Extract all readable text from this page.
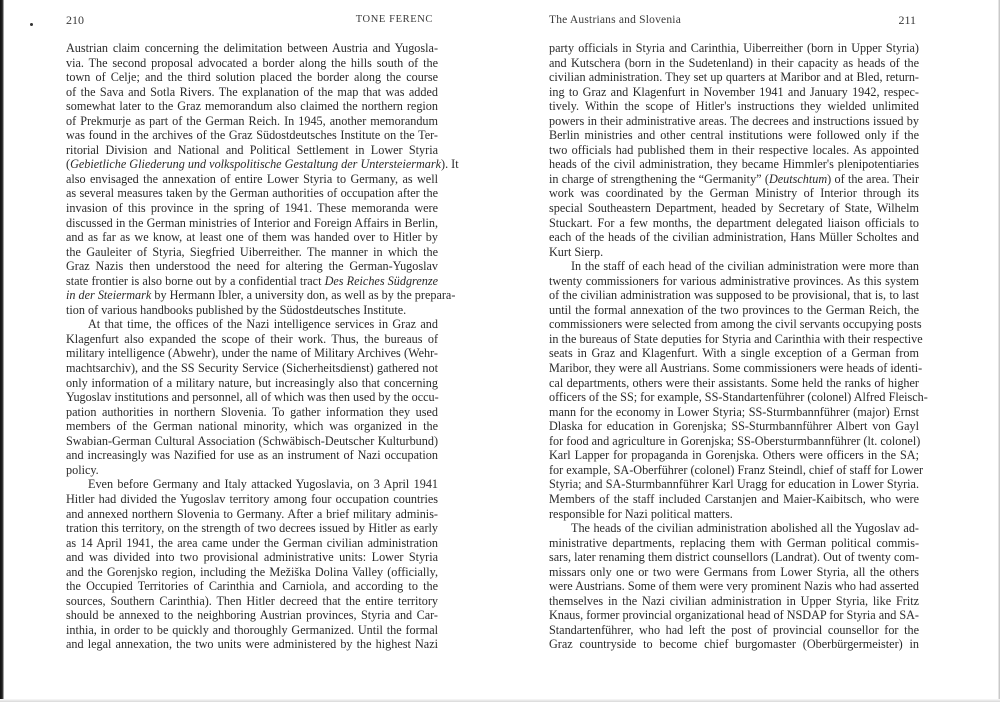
210	TONE FERENC

Austrian claim concerning the delimitation between Austria and Yugosla-
via. The second proposal advocated a border along the hills south of the
town of Celje; and the third solution placed the border along the course
of the Sava and Sotla Rivers. The explanation of the map that was added
somewhat later to the Graz memorandum also claimed the northern region
of Prekmurje as part of the German Reich. In 1945, another memorandum
was found in the archives of the Graz Südostdeutsches Institute on the Ter-
ritorial Division and National and Political Settlement in Lower Styria
(Gebietliche Gliederung und volkspolitische Gestaltung der Untersteiermark). It
also envisaged the annexation of entire Lower Styria to Germany, as well
as several measures taken by the German authorities of occupation after the
invasion of this province in the spring of 1941. These memoranda were
discussed in the German ministries of Interior and Foreign Affairs in Berlin,
and as far as we know, at least one of them was handed over to Hitler by
the Gauleiter of Styria, Siegfried Uiberreither. The manner in which the
Graz Nazis then understood the need for altering the German-Yugoslav
state frontier is also borne out by a confidential tract Des Reiches Südgrenze
in der Steiermark by Hermann Ibler, a university don, as well as by the prepara-
tion of various handbooks published by the Südostdeutsches Institute.

At that time, the offices of the Nazi intelligence services in Graz and
Klagenfurt also expanded the scope of their work. Thus, the bureaus of
military intelligence (Abwehr), under the name of Military Archives (Wehr-
machtsarchiv), and the SS Security Service (Sicherheitsdienst) gathered not
only information of a military nature, but increasingly also that concerning
Yugoslav institutions and personnel, all of which was then used by the occu-
pation authorities in northern Slovenia. To gather information they used
members of the German national minority, which was organized in the
Swabian-German Cultural Association (Schwäbisch-Deutscher Kulturbund)
and increasingly was Nazified for use as an instrument of Nazi occupation
policy.

Even before Germany and Italy attacked Yugoslavia, on 3 April 1941
Hitler had divided the Yugoslav territory among four occupation countries
and annexed northern Slovenia to Germany. After a brief military adminis-
tration this territory, on the strength of two decrees issued by Hitler as early
as 14 April 1941, the area came under the German civilian administration
and was divided into two provisional administrative units: Lower Styria
and the Gorenjsko region, including the Mežiška Dolina Valley (officially,
the Occupied Territories of Carinthia and Carniola, and according to the
sources, Southern Carinthia). Then Hitler decreed that the entire territory
should be annexed to the neighboring Austrian provinces, Styria and Car-
inthia, in order to be quickly and thoroughly Germanized. Until the formal
and legal annexation, the two units were administered by the highest Nazi

The Austrians and Slovenia	211

party officials in Styria and Carinthia, Uiberreither (born in Upper Styria)
and Kutschera (born in the Sudetenland) in their capacity as heads of the
civilian administration. They set up quarters at Maribor and at Bled, return-
ing to Graz and Klagenfurt in November 1941 and January 1942, respec-
tively. Within the scope of Hitler's instructions they wielded unlimited
powers in their administrative areas. The decrees and instructions issued by
Berlin ministries and other central institutions were followed only if the
two officials had published them in their respective locales. As appointed
heads of the civil administration, they became Himmler's plenipotentiaries
in charge of strengthening the “Germanity” (Deutschtum) of the area. Their
work was coordinated by the German Ministry of Interior through its
special Southeastern Department, headed by Secretary of State, Wilhelm
Stuckart. For a few months, the department delegated liaison officials to
each of the heads of the civilian administration, Hans Müller Scholtes and
Kurt Sierp.

In the staff of each head of the civilian administration were more than
twenty commissioners for various administrative provinces. As this system
of the civilian administration was supposed to be provisional, that is, to last
until the formal annexation of the two provinces to the German Reich, the
commissioners were selected from among the civil servants occupying posts
in the bureaus of State deputies for Styria and Carinthia with their respective
seats in Graz and Klagenfurt. With a single exception of a German from
Maribor, they were all Austrians. Some commissioners were heads of identi-
cal departments, others were their assistants. Some held the ranks of higher
officers of the SS; for example, SS-Standartenführer (colonel) Alfred Fleisch-
mann for the economy in Lower Styria; SS-Sturmbannführer (major) Ernst
Dlaska for education in Gorenjska; SS-Sturmbannführer Albert von Gayl
for food and agriculture in Gorenjska; SS-Obersturmbannführer (lt. colonel)
Karl Lapper for propaganda in Gorenjska. Others were officers in the SA;
for example, SA-Oberführer (colonel) Franz Steindl, chief of staff for Lower
Styria; and SA-Sturmbannführer Karl Uragg for education in Lower Styria.
Members of the staff included Carstanjen and Maier-Kaibitsch, who were
responsible for Nazi political matters.

The heads of the civilian administration abolished all the Yugoslav ad-
ministrative departments, replacing them with German political commis-
sars, later renaming them district counsellors (Landrat). Out of twenty com-
missars only one or two were Germans from Lower Styria, all the others
were Austrians. Some of them were very prominent Nazis who had asserted
themselves in the Nazi civilian administration in Upper Styria, like Fritz
Knaus, former provincial organizational head of NSDAP for Styria and SA-
Standartenführer, who had left the post of provincial counsellor for the
Graz countryside to become chief burgomaster (Oberbürgermeister) in
